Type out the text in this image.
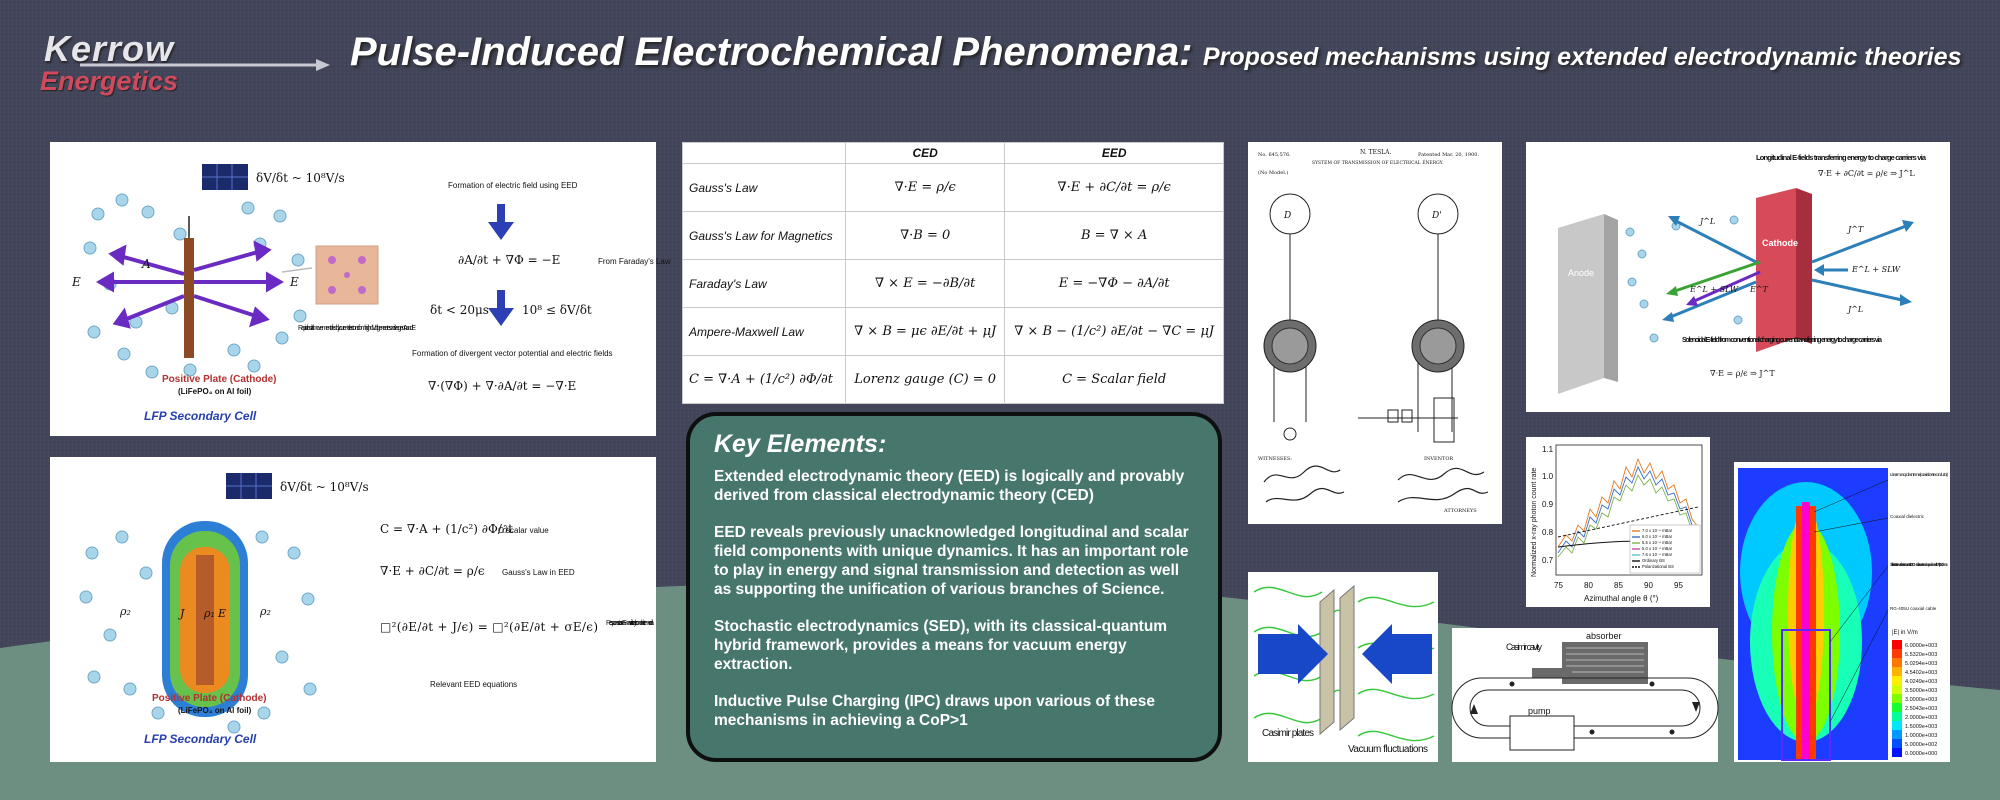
Kerrow
Energetics
Pulse-Induced Electrochemical Phenomena: Proposed mechanisms using extended electrodynamic theories
δV/δt ~ 10⁸V/s
E
A
E
Rapid radial movement of eddy current electrons from high dV/dt generates a divergent A and E
Positive Plate (Cathode)
(LiFePO₄ on Al foil)
LFP Secondary Cell
Formation of electric field using EED
∂A/∂t + ∇Φ = −E	From Faraday's Law
δt < 20μs	10⁸ ≤ δV/δt
Formation of divergent vector potential and electric fields
∇·(∇Φ) + ∇·∂A/∂t = −∇·E
δV/δt ~ 10⁸V/s
J ρ₁ E
ρ₂	ρ₂
Positive Plate (Cathode)
(LiFePO₄ on Al foil)
LFP Secondary Cell
C = ∇·A + (1/c²) ∂Φ/∂t
C scalar value
∇·E + ∂C/∂t = ρ/ϵ Gauss's Law in EED
□²(∂E/∂t + J/ϵ) = □²(∂E/∂t + σE/ϵ) Response to an E-wave in linearly conductive media
Relevant EED equations
	CED	EED
Gauss's Law	∇·E = ρ/ϵ	∇·E + ∂C/∂t = ρ/ϵ
Gauss's Law for Magnetics	∇·B = 0	B = ∇ × A
Faraday's Law	∇ × E = −∂B/∂t	E = −∇Φ − ∂A/∂t
Ampere-Maxwell Law	∇ × B = μϵ ∂E/∂t + μJ	∇ × B − (1/c²) ∂E/∂t − ∇C = μJ
C = ∇·A + (1/c²) ∂Φ/∂t	Lorenz gauge (C) = 0	C = Scalar field
Key Elements:

Extended electrodynamic theory (EED) is logically and provably derived from classical electrodynamic theory (CED)

EED reveals previously unacknowledged longitudinal and scalar field components with unique dynamics. It has an important role to play in energy and signal transmission and detection as well as supporting the unification of various branches of Science.

Stochastic electrodynamics (SED), with its classical-quantum hybrid framework, provides a means for vacuum energy extraction.

Inductive Pulse Charging (IPC) draws upon various of these mechanisms in achieving a CoP>1

No. 645,576.	N. TESLA.	Patented Mar. 20, 1900.
SYSTEM OF TRANSMISSION OF ELECTRICAL ENERGY.
(No Model.)
D	D'
WITNESSES:	INVENTOR
ATTORNEYS
Anode
Cathode
Longitudinal E-fields transferring energy to charge carriers via
∇·E + ∂C/∂t = ρ/ϵ ⇒ J^L
Solenoidal E-field from conventional charging current transferring energy to charge carriers via
∇·E = ρ/ϵ ⇒ J^T
E^L + SLW
E^L + SLW
J^L
J^T
J^L
E^T
Normalized x-ray photon count rate
Azimuthal angle θ (°)
75	80	85	90	95
1.1
1.0
0.9
0.8
0.7
7.0 x 10⁻⁴ mBar
6.0 x 10⁻⁴ mBar
5.5 x 10⁻⁴ mBar
5.0 x 10⁻⁴ mBar
7.6 x 10⁻⁴ mBar
Ordinary BS
Polarizational BS
Casimir plates
Vacuum fluctuations
absorber
Casimir cavity
pump
Linear monopole antenna (coaxial centre conductor)
Coaxial dielectric
Skirt balun to attenuate the return current at 8.03GHz with an antenna impedance of 49.7+j0.24 ohms
RG-405U coaxial cable
|E| in V/m
6.0000e+003
5.5320e+003
5.0294e+003
4.5402e+003
4.0249e+003
3.5000e+003
3.0000e+003
2.5043e+003
2.0000e+003
1.5009e+003
1.0000e+003
5.0000e+002
0.0000e+000
